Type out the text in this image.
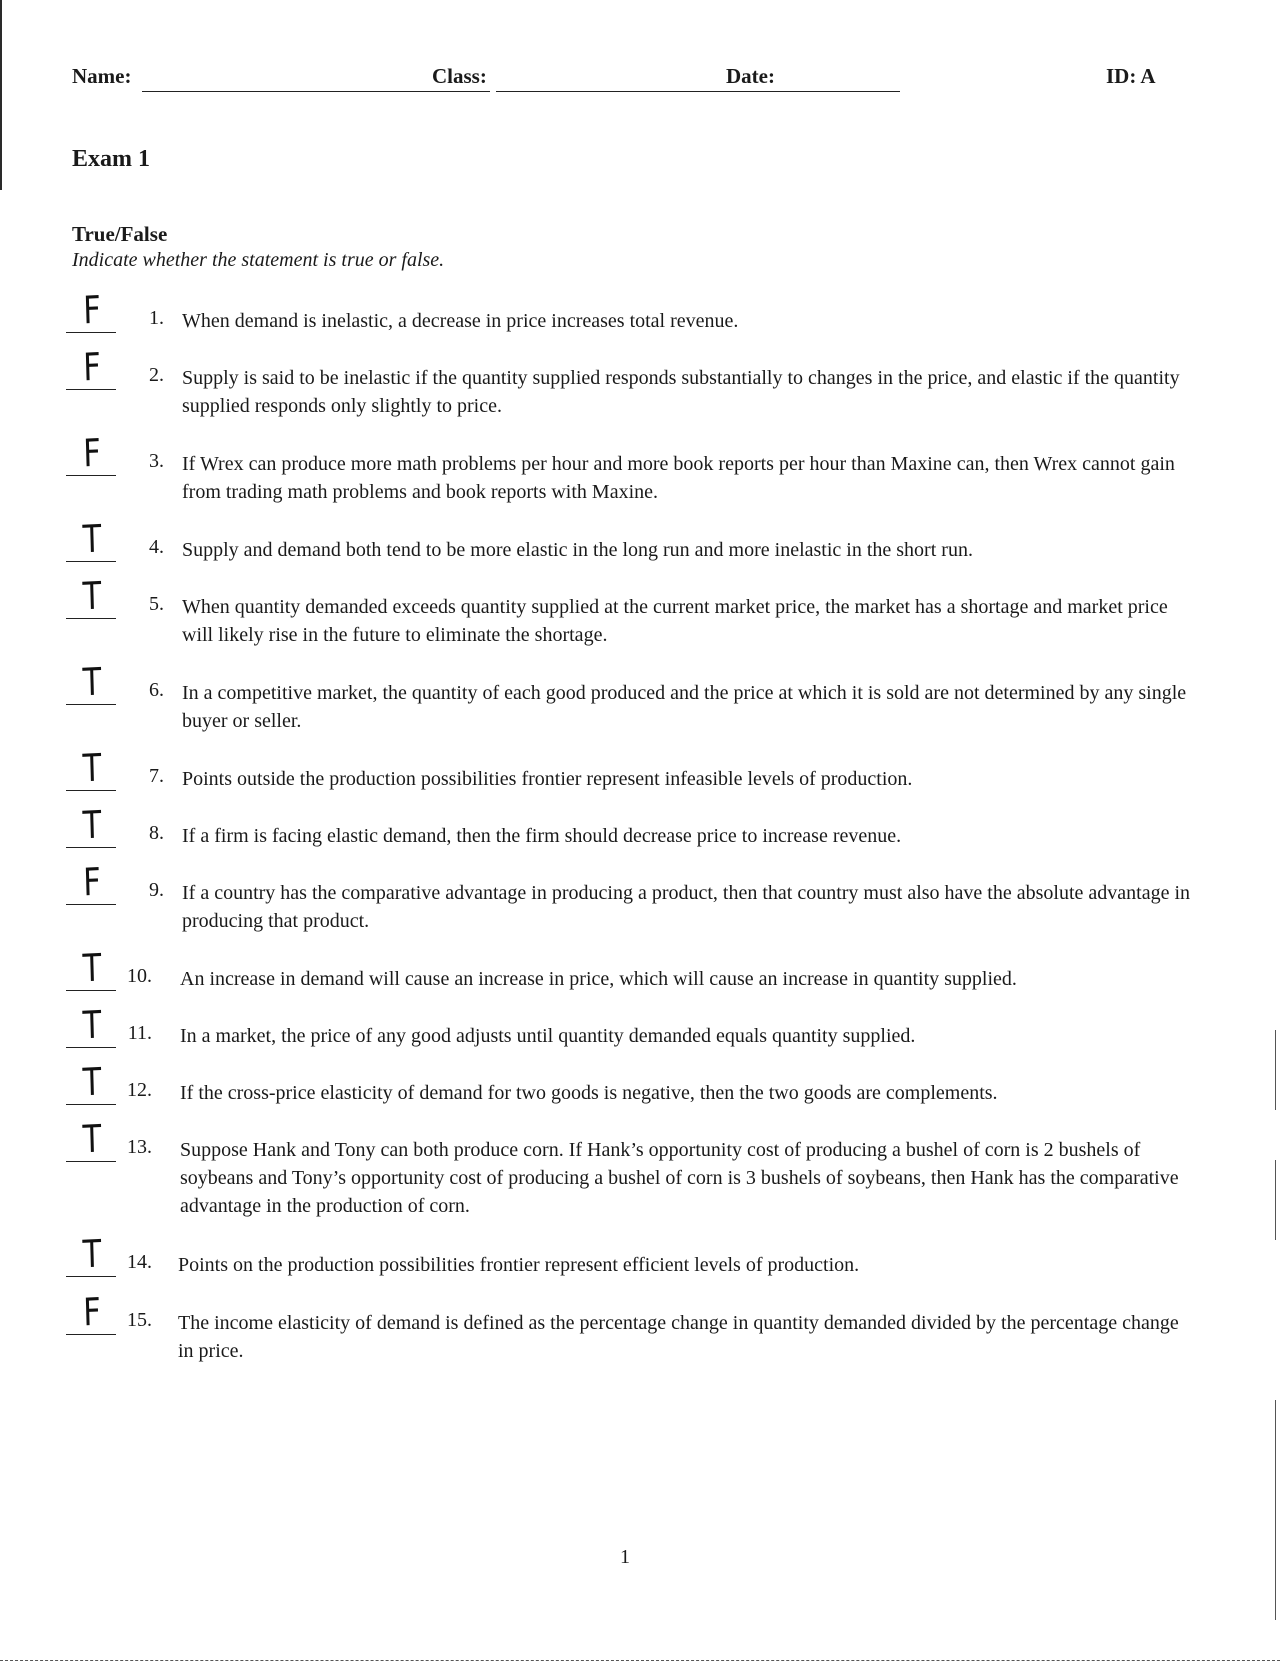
Name:	Class:	Date:	ID: A
Exam 1
True/False
Indicate whether the statement is true or false.
F	1. When demand is inelastic, a decrease in price increases total revenue.
F	2. Supply is said to be inelastic if the quantity supplied responds substantially to changes in the price, and elastic if the quantity supplied responds only slightly to price.
F	3. If Wrex can produce more math problems per hour and more book reports per hour than Maxine can, then Wrex cannot gain from trading math problems and book reports with Maxine.
T	4. Supply and demand both tend to be more elastic in the long run and more inelastic in the short run.
T	5. When quantity demanded exceeds quantity supplied at the current market price, the market has a shortage and market price will likely rise in the future to eliminate the shortage.
T	6. In a competitive market, the quantity of each good produced and the price at which it is sold are not determined by any single buyer or seller.
T	7. Points outside the production possibilities frontier represent infeasible levels of production.
T	8. If a firm is facing elastic demand, then the firm should decrease price to increase revenue.
F	9. If a country has the comparative advantage in producing a product, then that country must also have the absolute advantage in producing that product.
T	10. An increase in demand will cause an increase in price, which will cause an increase in quantity supplied.
T	11. In a market, the price of any good adjusts until quantity demanded equals quantity supplied.
T	12. If the cross-price elasticity of demand for two goods is negative, then the two goods are complements.
T	13. Suppose Hank and Tony can both produce corn. If Hank’s opportunity cost of producing a bushel of corn is 2 bushels of soybeans and Tony’s opportunity cost of producing a bushel of corn is 3 bushels of soybeans, then Hank has the comparative advantage in the production of corn.
T	14. Points on the production possibilities frontier represent efficient levels of production.
F	15. The income elasticity of demand is defined as the percentage change in quantity demanded divided by the percentage change in price.
1
